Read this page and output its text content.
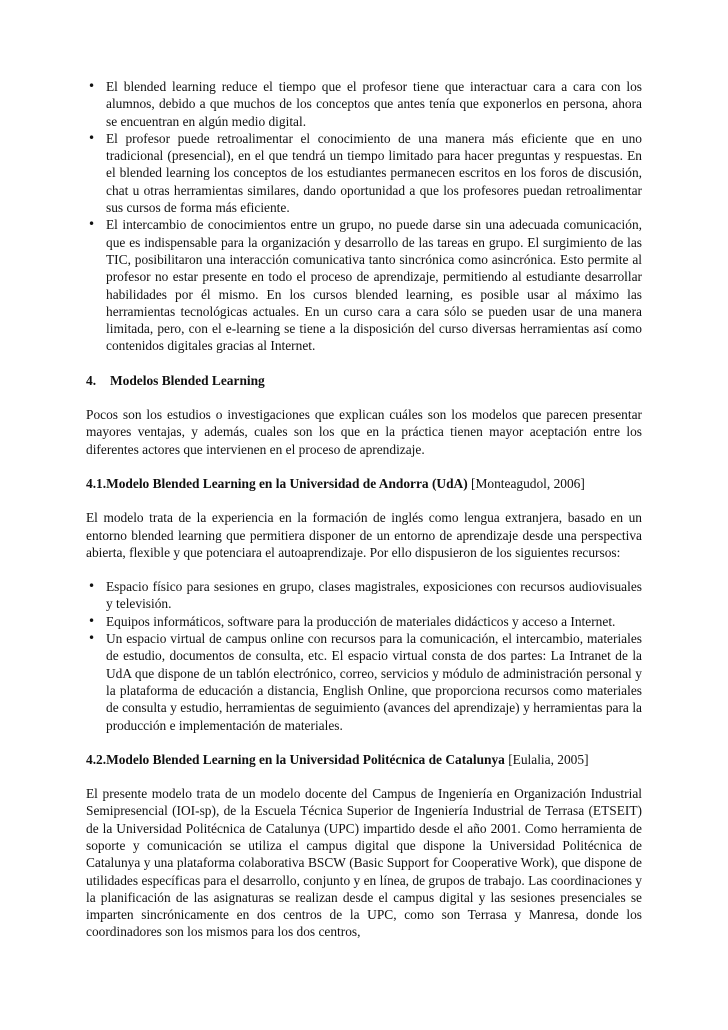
• El blended learning reduce el tiempo que el profesor tiene que interactuar cara a cara con los alumnos, debido a que muchos de los conceptos que antes tenía que exponerlos en persona, ahora se encuentran en algún medio digital.
• El profesor puede retroalimentar el conocimiento de una manera más eficiente que en uno tradicional (presencial), en el que tendrá un tiempo limitado para hacer preguntas y respuestas. En el blended learning los conceptos de los estudiantes permanecen escritos en los foros de discusión, chat u otras herramientas similares, dando oportunidad a que los profesores puedan retroalimentar sus cursos de forma más eficiente.
• El intercambio de conocimientos entre un grupo, no puede darse sin una adecuada comunicación, que es indispensable para la organización y desarrollo de las tareas en grupo. El surgimiento de las TIC, posibilitaron una interacción comunicativa tanto sincrónica como asincrónica. Esto permite al profesor no estar presente en todo el proceso de aprendizaje, permitiendo al estudiante desarrollar habilidades por él mismo. En los cursos blended learning, es posible usar al máximo las herramientas tecnológicas actuales. En un curso cara a cara sólo se pueden usar de una manera limitada, pero, con el e-learning se tiene a la disposición del curso diversas herramientas así como contenidos digitales gracias al Internet.
4. Modelos Blended Learning

Pocos son los estudios o investigaciones que explican cuáles son los modelos que parecen presentar mayores ventajas, y además, cuales son los que en la práctica tienen mayor aceptación entre los diferentes actores que intervienen en el proceso de aprendizaje.

4.1.Modelo Blended Learning en la Universidad de Andorra (UdA) [Monteagudol, 2006]

El modelo trata de la experiencia en la formación de inglés como lengua extranjera, basado en un entorno blended learning que permitiera disponer de un entorno de aprendizaje desde una perspectiva abierta, flexible y que potenciara el autoaprendizaje. Por ello dispusieron de los siguientes recursos:

• Espacio físico para sesiones en grupo, clases magistrales, exposiciones con recursos audiovisuales y televisión.
• Equipos informáticos, software para la producción de materiales didácticos y acceso a Internet.
• Un espacio virtual de campus online con recursos para la comunicación, el intercambio, materiales de estudio, documentos de consulta, etc. El espacio virtual consta de dos partes: La Intranet de la UdA que dispone de un tablón electrónico, correo, servicios y módulo de administración personal y la plataforma de educación a distancia, English Online, que proporciona recursos como materiales de consulta y estudio, herramientas de seguimiento (avances del aprendizaje) y herramientas para la producción e implementación de materiales.
4.2.Modelo Blended Learning en la Universidad Politécnica de Catalunya [Eulalia, 2005]

El presente modelo trata de un modelo docente del Campus de Ingeniería en Organización Industrial Semipresencial (IOI-sp), de la Escuela Técnica Superior de Ingeniería Industrial de Terrasa (ETSEIT) de la Universidad Politécnica de Catalunya (UPC) impartido desde el año 2001. Como herramienta de soporte y comunicación se utiliza el campus digital que dispone la Universidad Politécnica de Catalunya y una plataforma colaborativa BSCW (Basic Support for Cooperative Work), que dispone de utilidades específicas para el desarrollo, conjunto y en línea, de grupos de trabajo. Las coordinaciones y la planificación de las asignaturas se realizan desde el campus digital y las sesiones presenciales se imparten sincrónicamente en dos centros de la UPC, como son Terrasa y Manresa, donde los coordinadores son los mismos para los dos centros,
